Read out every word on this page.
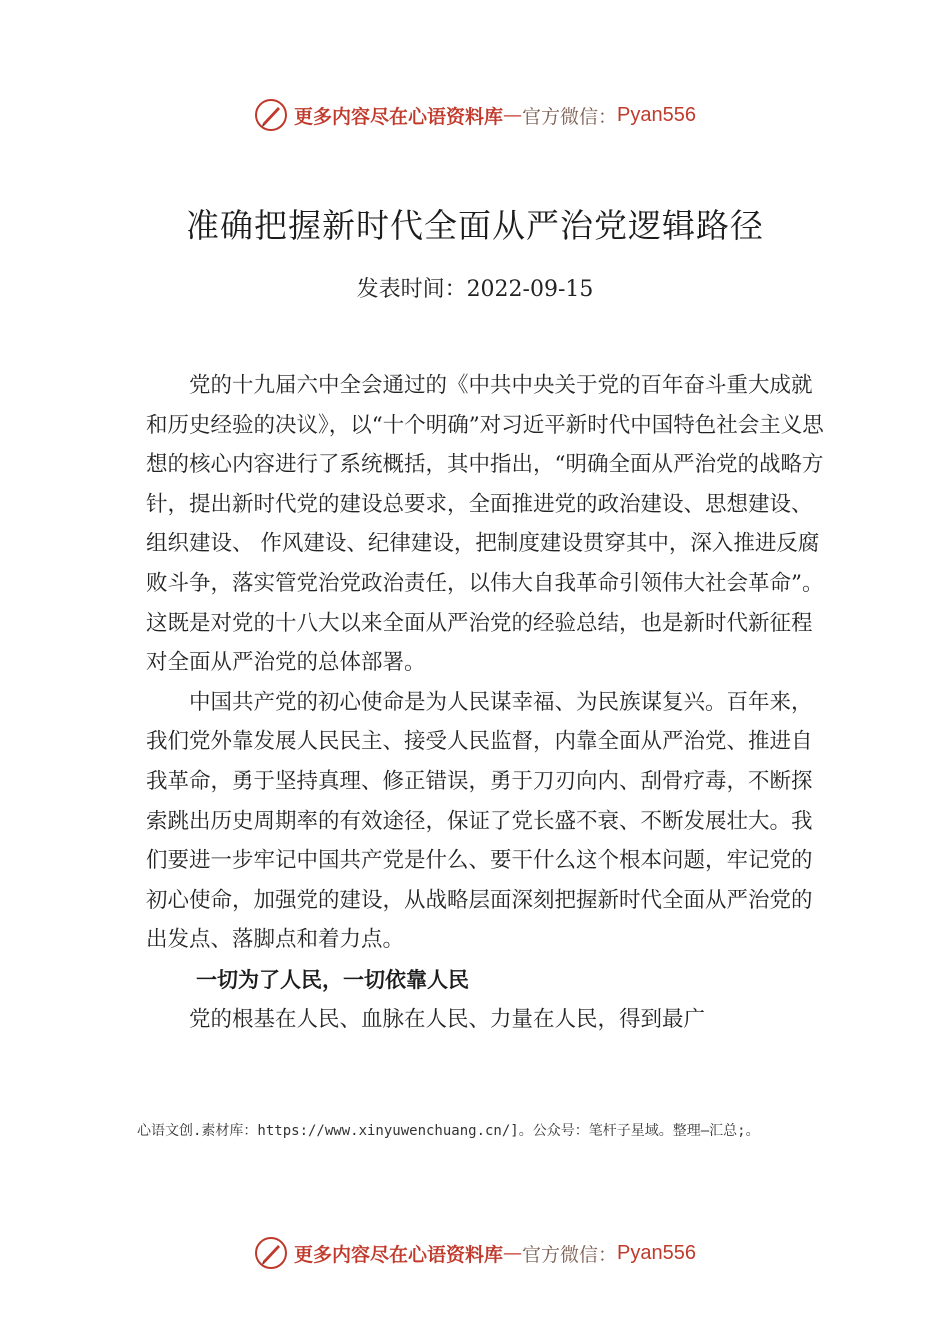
更多内容尽在心语资料库 — 官方微信： Pyan556
准确把握新时代全面从严治党逻辑路径
发表时间：2022-09-15

党的十九届六中全会通过的《中共中央关于党的百年奋斗重大成就和历史经验的决议》，以“十个明确”对习近平新时代中国特色社会主义思想的核心内容进行了系统概括，其中指出，“明确全面从严治党的战略方针，提出新时代党的建设总要求，全面推进党的政治建设、思想建设、组织建设、 作风建设、纪律建设，把制度建设贯穿其中，深入推进反腐败斗争，落实管党治党政治责任，以伟大自我革命引领伟大社会革命”。这既是对党的十八大以来全面从严治党的经验总结，也是新时代新征程对全面从严治党的总体部署。

中国共产党的初心使命是为人民谋幸福、为民族谋复兴。百年来，我们党外靠发展人民民主、接受人民监督，内靠全面从严治党、推进自我革命，勇于坚持真理、修正错误，勇于刀刃向内、刮骨疗毒，不断探索跳出历史周期率的有效途径，保证了党长盛不衰、不断发展壮大。我们要进一步牢记中国共产党是什么、要干什么这个根本问题，牢记党的初心使命，加强党的建设，从战略层面深刻把握新时代全面从严治党的出发点、落脚点和着力点。

一切为了人民，一切依靠人民

党的根基在人民、血脉在人民、力量在人民，得到最广

心语文创.素材库：https://www.xinyuwenchuang.cn/]。公众号：笔杆子星域。整理—汇总;。
更多内容尽在心语资料库 — 官方微信： Pyan556
